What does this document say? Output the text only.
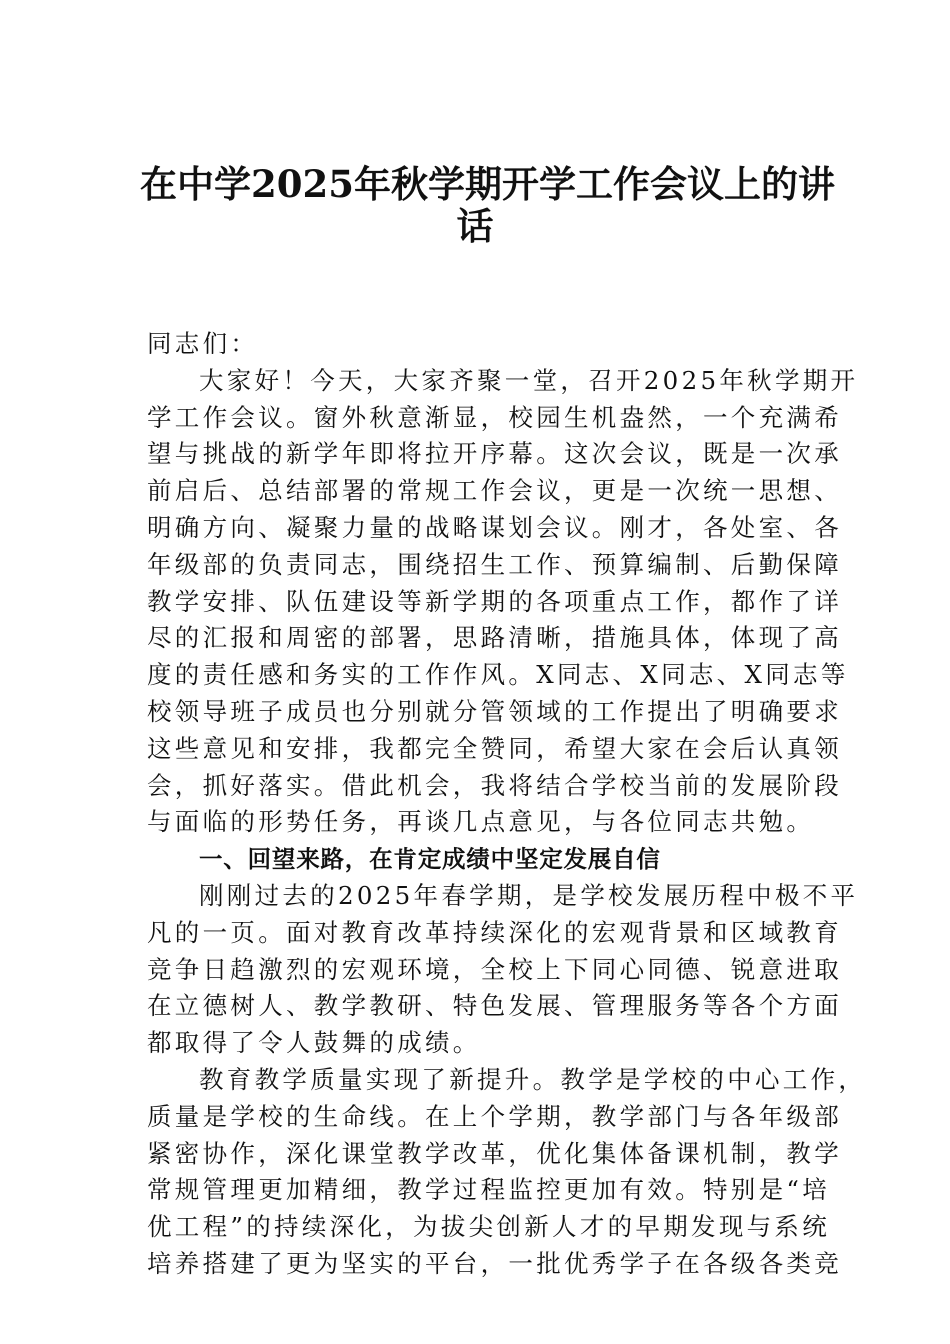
在中学2025年秋学期开学工作会议上的讲
话
同志们：
大家好！今天，大家齐聚一堂，召开2025年秋学期开
学工作会议。窗外秋意渐显，校园生机盎然，一个充满希
望与挑战的新学年即将拉开序幕。这次会议，既是一次承
前启后、总结部署的常规工作会议，更是一次统一思想、
明确方向、凝聚力量的战略谋划会议。刚才，各处室、各
年级部的负责同志，围绕招生工作、预算编制、后勤保障
教学安排、队伍建设等新学期的各项重点工作，都作了详
尽的汇报和周密的部署，思路清晰，措施具体，体现了高
度的责任感和务实的工作作风。X同志、X同志、X同志等
校领导班子成员也分别就分管领域的工作提出了明确要求
这些意见和安排，我都完全赞同，希望大家在会后认真领
会，抓好落实。借此机会，我将结合学校当前的发展阶段
与面临的形势任务，再谈几点意见，与各位同志共勉。
一、回望来路，在肯定成绩中坚定发展自信
刚刚过去的2025年春学期，是学校发展历程中极不平
凡的一页。面对教育改革持续深化的宏观背景和区域教育
竞争日趋激烈的宏观环境，全校上下同心同德、锐意进取
在立德树人、教学教研、特色发展、管理服务等各个方面
都取得了令人鼓舞的成绩。
教育教学质量实现了新提升。教学是学校的中心工作，
质量是学校的生命线。在上个学期，教学部门与各年级部
紧密协作，深化课堂教学改革，优化集体备课机制，教学
常规管理更加精细，教学过程监控更加有效。特别是“培
优工程”的持续深化，为拔尖创新人才的早期发现与系统
培养搭建了更为坚实的平台，一批优秀学子在各级各类竞
